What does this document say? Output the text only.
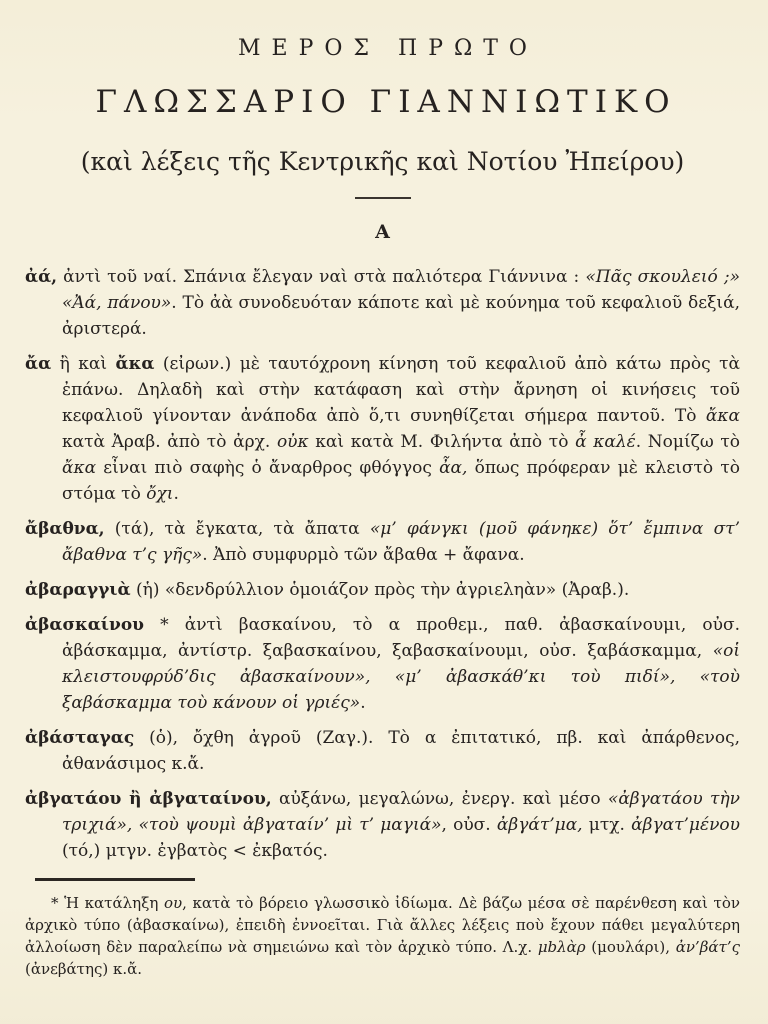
ΜΕΡΟΣ ΠΡΩΤΟ
ΓΛΩΣΣΑΡΙΟ ΓΙΑΝΝΙΩΤΙΚΟ

(καὶ λέξεις τῆς Κεντρικῆς καὶ Νοτίου Ἠπείρου)

Α

ἀά, ἀντὶ τοῦ ναί. Σπάνια ἔλεγαν ναὶ στὰ παλιότερα Γιάννινα : «Πᾶς σκουλειό ;» «Ἀά, πάνου». Τὸ ἀὰ συνοδευόταν κάποτε καὶ μὲ κούνημα τοῦ κεφαλιοῦ δεξιά, ἀριστερά.

ἄα ἢ καὶ ἄκα (εἰρων.) μὲ ταυτόχρονη κίνηση τοῦ κεφαλιοῦ ἀπὸ κάτω πρὸς τὰ ἐπάνω. Δηλαδὴ καὶ στὴν κατάφαση καὶ στὴν ἄρνηση οἱ κινήσεις τοῦ κεφαλιοῦ γίνονταν ἀνάποδα ἀπὸ ὅ,τι συνηθίζεται σήμερα παντοῦ. Τὸ ἄκα κατὰ Ἀραβ. ἀπὸ τὸ ἀρχ. οὐκ καὶ κατὰ Μ. Φιλήντα ἀπὸ τὸ ἆ καλέ. Νομίζω τὸ ἄκα εἶναι πιὸ σαφὴς ὁ ἄναρθρος φθόγγος ἆα, ὅπως πρόφεραν μὲ κλειστὸ τὸ στόμα τὸ ὄχι.

ἄβαθνα, (τά), τὰ ἔγκατα, τὰ ἄπατα «μ’ φάνγκι (μοῦ φάνηκε) ὅτ’ ἔμπινα στ’ ἄβαθνα τ’ς γῆς». Ἀπὸ συμφυρμὸ τῶν ἄβαθα + ἄφανα.

ἀβαραγγιὰ (ἡ) «δενδρύλλιον ὁμοιάζον πρὸς τὴν ἀγριεληὰν» (Ἀραβ.).

ἀβασκαίνου * ἀντὶ βασκαίνου, τὸ α προθεμ., παθ. ἀβασκαίνουμι, οὐσ. ἀβάσκαμμα, ἀντίστρ. ξαβασκαίνου, ξαβασκαίνουμι, οὐσ. ξαβάσκαμμα, «οἱ κλειστουφρύδ’δις ἀβασκαίνουν», «μ’ ἀβασκάθ’κι τοὺ πιδί», «τοὺ ξαβάσκαμμα τοὺ κάνουν οἱ γριές».

ἀβάσταγας (ὁ), ὄχθη ἀγροῦ (Ζαγ.). Τὸ α ἐπιτατικό, πβ. καὶ ἀπάρθενος, ἀθανάσιμος κ.ἄ.

ἀβγατάου ἢ ἀβγαταίνου, αὐξάνω, μεγαλώνω, ἐνεργ. καὶ μέσο «ἀβγατάου τὴν τριχιά», «τοὺ ψουμὶ ἀβγαταίν’ μὶ τ’ μαγιά», οὐσ. ἀβγάτ’μα, μτχ. ἀβγατ’μένου (τό,) μτγν. ἐγβατὸς < ἐκβατός.

* Ἡ κατάληξη ου, κατὰ τὸ βόρειο γλωσσικὸ ἰδίωμα. Δὲ βάζω μέσα σὲ παρένθεση καὶ τὸν ἀρχικὸ τύπο (ἀβασκαίνω), ἐπειδὴ ἐννοεῖται. Γιὰ ἄλλες λέξεις ποὺ ἔχουν πάθει μεγαλύτερη ἀλλοίωση δὲν παραλείπω νὰ σημειώνω καὶ τὸν ἀρχικὸ τύπο. Λ.χ. μbλὰρ (μουλάρι), ἀν’βάτ’ς (ἀνεβάτης) κ.ἄ.
